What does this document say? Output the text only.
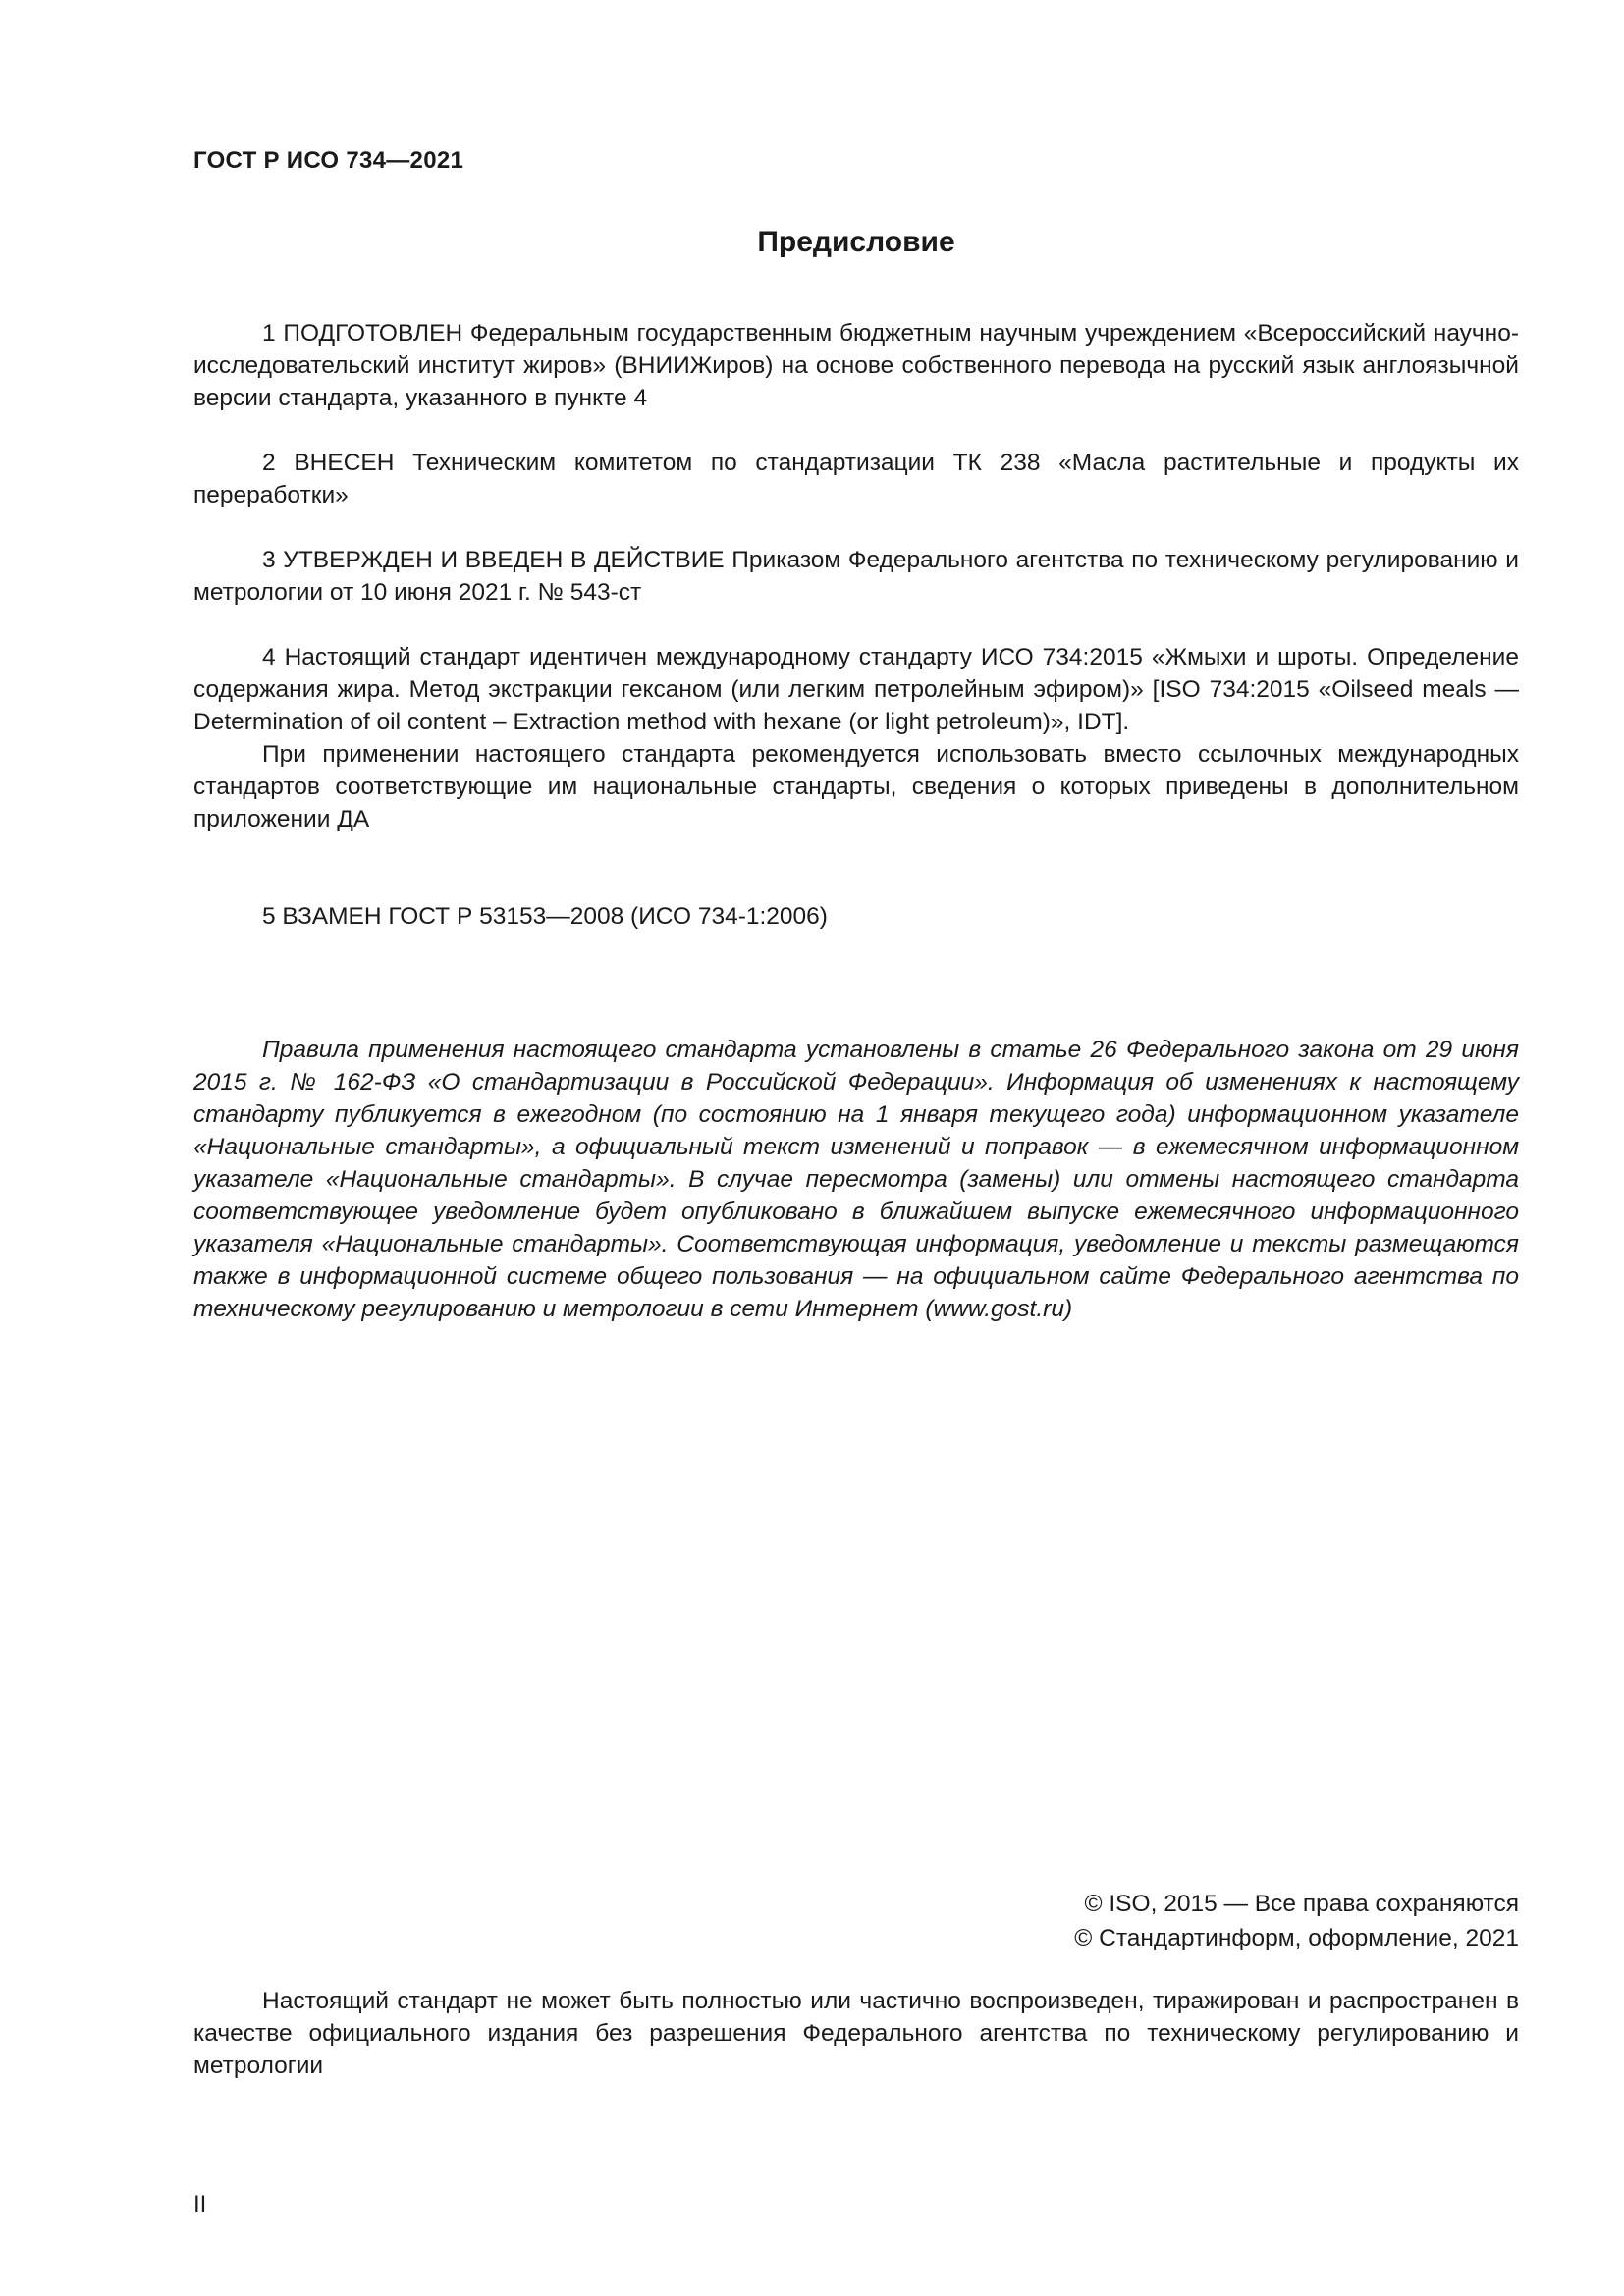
ГОСТ Р ИСО 734—2021
Предисловие

1 ПОДГОТОВЛЕН Федеральным государственным бюджетным научным учреждением «Всероссийский научно-исследовательский институт жиров» (ВНИИЖиров) на основе собственного перевода на русский язык англоязычной версии стандарта, указанного в пункте 4

2 ВНЕСЕН Техническим комитетом по стандартизации ТК 238 «Масла растительные и продукты их переработки»

3 УТВЕРЖДЕН И ВВЕДЕН В ДЕЙСТВИЕ Приказом Федерального агентства по техническому регулированию и метрологии от 10 июня 2021 г. № 543-ст

4 Настоящий стандарт идентичен международному стандарту ИСО 734:2015 «Жмыхи и шроты. Определение содержания жира. Метод экстракции гексаном (или легким петролейным эфиром)» [ISO 734:2015 «Oilseed meals — Determination of oil content – Extraction method with hexane (or light petroleum)», IDT].

При применении настоящего стандарта рекомендуется использовать вместо ссылочных международных стандартов соответствующие им национальные стандарты, сведения о которых приведены в дополнительном приложении ДА

5 ВЗАМЕН ГОСТ Р 53153—2008 (ИСО 734-1:2006)

Правила применения настоящего стандарта установлены в статье 26 Федерального закона от 29 июня 2015 г. № 162-ФЗ «О стандартизации в Российской Федерации». Информация об изменениях к настоящему стандарту публикуется в ежегодном (по состоянию на 1 января текущего года) информационном указателе «Национальные стандарты», а официальный текст изменений и поправок — в ежемесячном информационном указателе «Национальные стандарты». В случае пересмотра (замены) или отмены настоящего стандарта соответствующее уведомление будет опубликовано в ближайшем выпуске ежемесячного информационного указателя «Национальные стандарты». Соответствующая информация, уведомление и тексты размещаются также в информационной системе общего пользования — на официальном сайте Федерального агентства по техническому регулированию и метрологии в сети Интернет (www.gost.ru)

© ISO, 2015 — Все права сохраняются
© Стандартинформ, оформление, 2021

Настоящий стандарт не может быть полностью или частично воспроизведен, тиражирован и распространен в качестве официального издания без разрешения Федерального агентства по техническому регулированию и метрологии

II
